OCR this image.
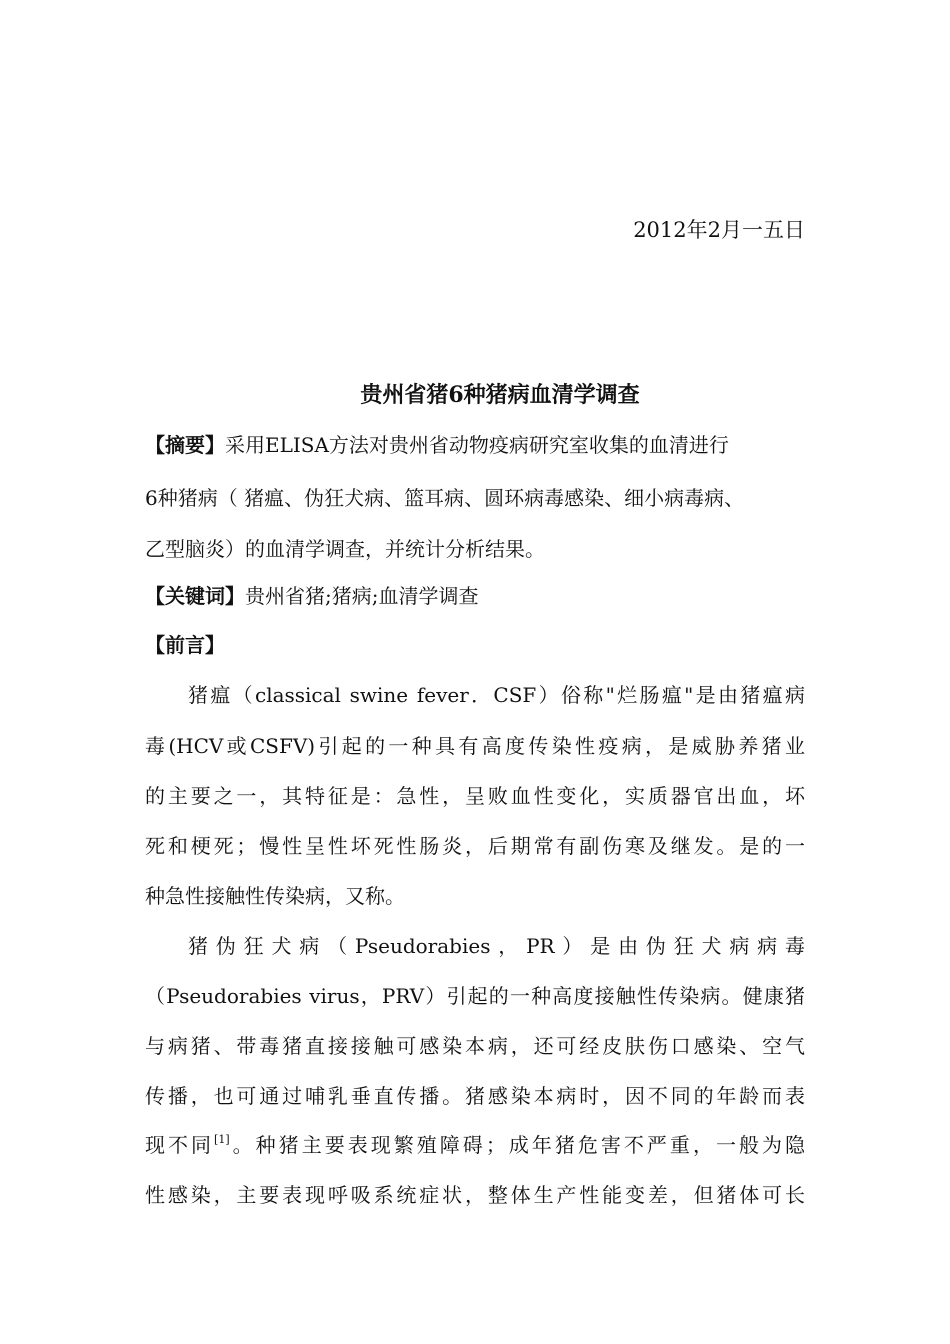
2012年2月一五日

贵州省猪6种猪病血清学调查

【摘要】采用ELISA方法对贵州省动物疫病研究室收集的血清进行

6种猪病（ 猪瘟、伪狂犬病、篮耳病、圆环病毒感染、细小病毒病、

乙型脑炎）的血清学调查，并统计分析结果。

【关键词】贵州省猪;猪病;血清学调查

【前言】

猪瘟（classical swine fever．CSF）俗称"烂肠瘟"是由猪瘟病

毒(HCV或CSFV)引起的一种具有高度传染性疫病，是威胁养猪业

的主要之一，其特征是：急性，呈败血性变化，实质器官出血，坏

死和梗死；慢性呈性坏死性肠炎，后期常有副伤寒及继发。是的一

种急性接触性传染病，又称。

猪伪狂犬病（Pseudorabies，PR）是由伪狂犬病病毒

（Pseudorabies virus，PRV）引起的一种高度接触性传染病。健康猪

与病猪、带毒猪直接接触可感染本病，还可经皮肤伤口感染、空气

传播，也可通过哺乳垂直传播。猪感染本病时，因不同的年龄而表

现不同[1]。种猪主要表现繁殖障碍；成年猪危害不严重，一般为隐

性感染，主要表现呼吸系统症状，整体生产性能变差，但猪体可长
